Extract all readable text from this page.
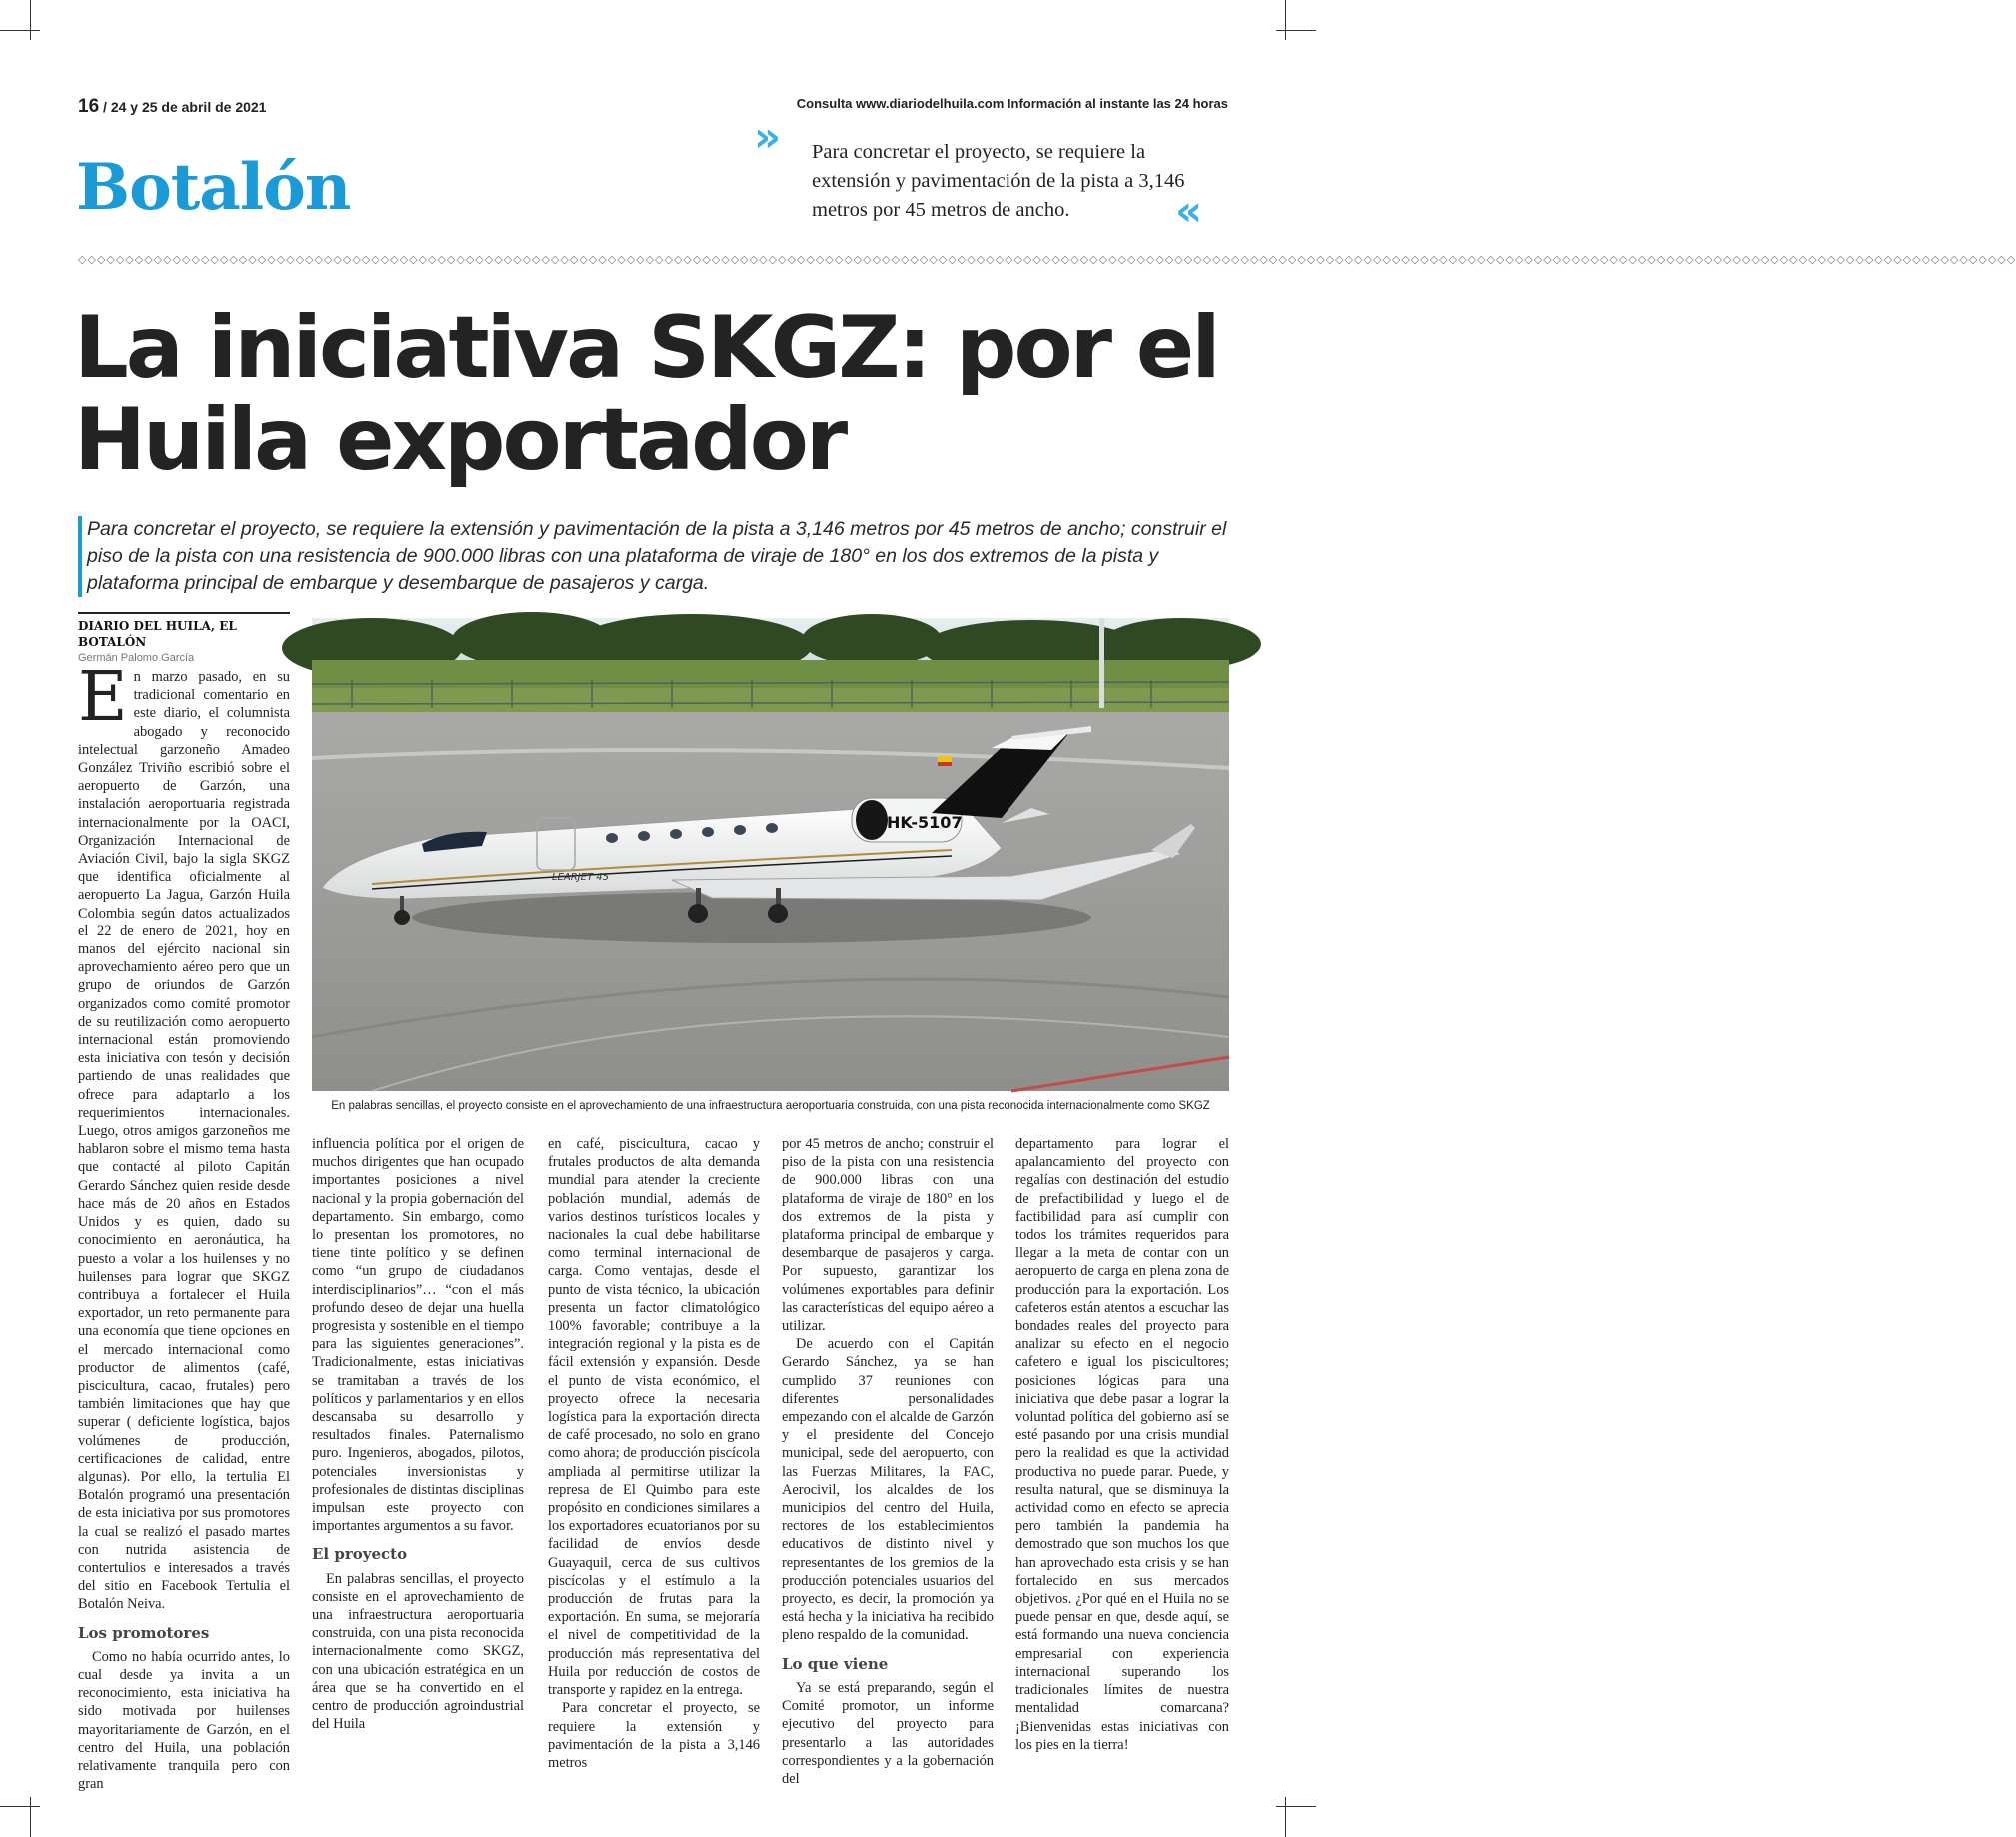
16 / 24 y 25 de abril de 2021	Consulta www.diariodelhuila.com Información al instante las 24 horas
Botalón
» Para concretar el proyecto, se requiere la extensión y pavimentación de la pista a 3,146 metros por 45 metros de ancho.	«
◇◇◇◇◇◇◇◇◇◇◇◇◇◇◇◇◇◇◇◇◇◇◇◇◇◇◇◇◇◇◇◇◇◇◇◇◇◇◇◇◇◇◇◇◇◇◇◇◇◇◇◇◇◇◇◇◇◇◇◇◇◇◇◇◇◇◇◇◇◇◇◇◇◇◇◇◇◇◇◇◇◇◇◇◇◇◇◇◇◇◇◇◇◇◇◇◇◇◇◇◇◇◇◇◇◇◇◇◇◇◇◇◇◇◇◇◇◇◇◇◇◇◇◇◇◇◇◇◇◇◇◇◇◇◇◇◇◇◇◇◇◇◇◇◇◇◇◇◇◇◇◇◇◇◇◇◇◇◇◇◇◇◇◇◇◇◇◇◇◇◇◇◇◇◇◇◇◇◇◇◇◇◇◇◇◇◇◇◇◇◇◇◇◇◇◇◇◇◇◇◇◇◇◇◇
La iniciativa SKGZ: por el Huila exportador
Para concretar el proyecto, se requiere la extensión y pavimentación de la pista a 3,146 metros por 45 metros de ancho; construir el piso de la pista con una resistencia de 900.000 libras con una plataforma de viraje de 180° en los dos extremos de la pista y plataforma principal de embarque y desembarque de pasajeros y carga.
DIARIO DEL HUILA, EL BOTALÓN
Germán Palomo García
HK-5107
LEARJET 45
En palabras sencillas, el proyecto consiste en el aprovechamiento de una infraestructura aeroportuaria construida, con una pista reconocida internacionalmente como SKGZ

En marzo pasado, en su tradicional comentario en este diario, el columnista abogado y reconocido intelectual garzoneño Amadeo González Triviño escribió sobre el aeropuerto de Garzón, una instalación aeroportuaria registrada internacionalmente por la OACI, Organización Internacional de Aviación Civil, bajo la sigla SKGZ que identifica oficialmente al aeropuerto La Jagua, Garzón Huila Colombia según datos actualizados el 22 de enero de 2021, hoy en manos del ejército nacional sin aprovechamiento aéreo pero que un grupo de oriundos de Garzón organizados como comité promotor de su reutilización como aeropuerto internacional están promoviendo esta iniciativa con tesón y decisión partiendo de unas realidades que ofrece para adaptarlo a los requerimientos internacionales. Luego, otros amigos garzoneños me hablaron sobre el mismo tema hasta que contacté al piloto Capitán Gerardo Sánchez quien reside desde hace más de 20 años en Estados Unidos y es quien, dado su conocimiento en aeronáutica, ha puesto a volar a los huilenses y no huilenses para lograr que SKGZ contribuya a fortalecer el Huila exportador, un reto permanente para una economía que tiene opciones en el mercado internacional como productor de alimentos (café, piscicultura, cacao, frutales) pero también limitaciones que hay que superar ( deficiente logística, bajos volúmenes de producción, certificaciones de calidad, entre algunas). Por ello, la tertulia El Botalón programó una presentación de esta iniciativa por sus promotores la cual se realizó el pasado martes con nutrida asistencia de contertulios e interesados a través del sitio en Facebook Tertulia el Botalón Neiva.

Los promotores

Como no había ocurrido antes, lo cual desde ya invita a un reconocimiento, esta iniciativa ha sido motivada por huilenses mayoritariamente de Garzón, en el centro del Huila, una población relativamente tranquila pero con gran

influencia política por el origen de muchos dirigentes que han ocupado importantes posiciones a nivel nacional y la propia gobernación del departamento. Sin embargo, como lo presentan los promotores, no tiene tinte político y se definen como “un grupo de ciudadanos interdisciplinarios”… “con el más profundo deseo de dejar una huella progresista y sostenible en el tiempo para las siguientes generaciones”. Tradicionalmente, estas iniciativas se tramitaban a través de los políticos y parlamentarios y en ellos descansaba su desarrollo y resultados finales. Paternalismo puro. Ingenieros, abogados, pilotos, potenciales inversionistas y profesionales de distintas disciplinas impulsan este proyecto con importantes argumentos a su favor.

El proyecto

En palabras sencillas, el proyecto consiste en el aprovechamiento de una infraestructura aeroportuaria construida, con una pista reconocida internacionalmente como SKGZ, con una ubicación estratégica en un área que se ha convertido en el centro de producción agroindustrial del Huila

en café, piscicultura, cacao y frutales productos de alta demanda mundial para atender la creciente población mundial, además de varios destinos turísticos locales y nacionales la cual debe habilitarse como terminal internacional de carga. Como ventajas, desde el punto de vista técnico, la ubicación presenta un factor climatológico 100% favorable; contribuye a la integración regional y la pista es de fácil extensión y expansión. Desde el punto de vista económico, el proyecto ofrece la necesaria logística para la exportación directa de café procesado, no solo en grano como ahora; de producción piscícola ampliada al permitirse utilizar la represa de El Quimbo para este propósito en condiciones similares a los exportadores ecuatorianos por su facilidad de envíos desde Guayaquil, cerca de sus cultivos piscícolas y el estímulo a la producción de frutas para la exportación. En suma, se mejoraría el nivel de competitividad de la producción más representativa del Huila por reducción de costos de transporte y rapidez en la entrega.

Para concretar el proyecto, se requiere la extensión y pavimentación de la pista a 3,146 metros

por 45 metros de ancho; construir el piso de la pista con una resistencia de 900.000 libras con una plataforma de viraje de 180° en los dos extremos de la pista y plataforma principal de embarque y desembarque de pasajeros y carga. Por supuesto, garantizar los volúmenes exportables para definir las características del equipo aéreo a utilizar.

De acuerdo con el Capitán Gerardo Sánchez, ya se han cumplido 37 reuniones con diferentes personalidades empezando con el alcalde de Garzón y el presidente del Concejo municipal, sede del aeropuerto, con las Fuerzas Militares, la FAC, Aerocivil, los alcaldes de los municipios del centro del Huila, rectores de los establecimientos educativos de distinto nivel y representantes de los gremios de la producción potenciales usuarios del proyecto, es decir, la promoción ya está hecha y la iniciativa ha recibido pleno respaldo de la comunidad.

Lo que viene

Ya se está preparando, según el Comité promotor, un informe ejecutivo del proyecto para presentarlo a las autoridades correspondientes y a la gobernación del

departamento para lograr el apalancamiento del proyecto con regalías con destinación del estudio de prefactibilidad y luego el de factibilidad para así cumplir con todos los trámites requeridos para llegar a la meta de contar con un aeropuerto de carga en plena zona de producción para la exportación. Los cafeteros están atentos a escuchar las bondades reales del proyecto para analizar su efecto en el negocio cafetero e igual los piscicultores; posiciones lógicas para una iniciativa que debe pasar a lograr la voluntad política del gobierno así se esté pasando por una crisis mundial pero la realidad es que la actividad productiva no puede parar. Puede, y resulta natural, que se disminuya la actividad como en efecto se aprecia pero también la pandemia ha demostrado que son muchos los que han aprovechado esta crisis y se han fortalecido en sus mercados objetivos. ¿Por qué en el Huila no se puede pensar en que, desde aquí, se está formando una nueva conciencia empresarial con experiencia internacional superando los tradicionales límites de nuestra mentalidad comarcana? ¡Bienvenidas estas iniciativas con los pies en la tierra!
